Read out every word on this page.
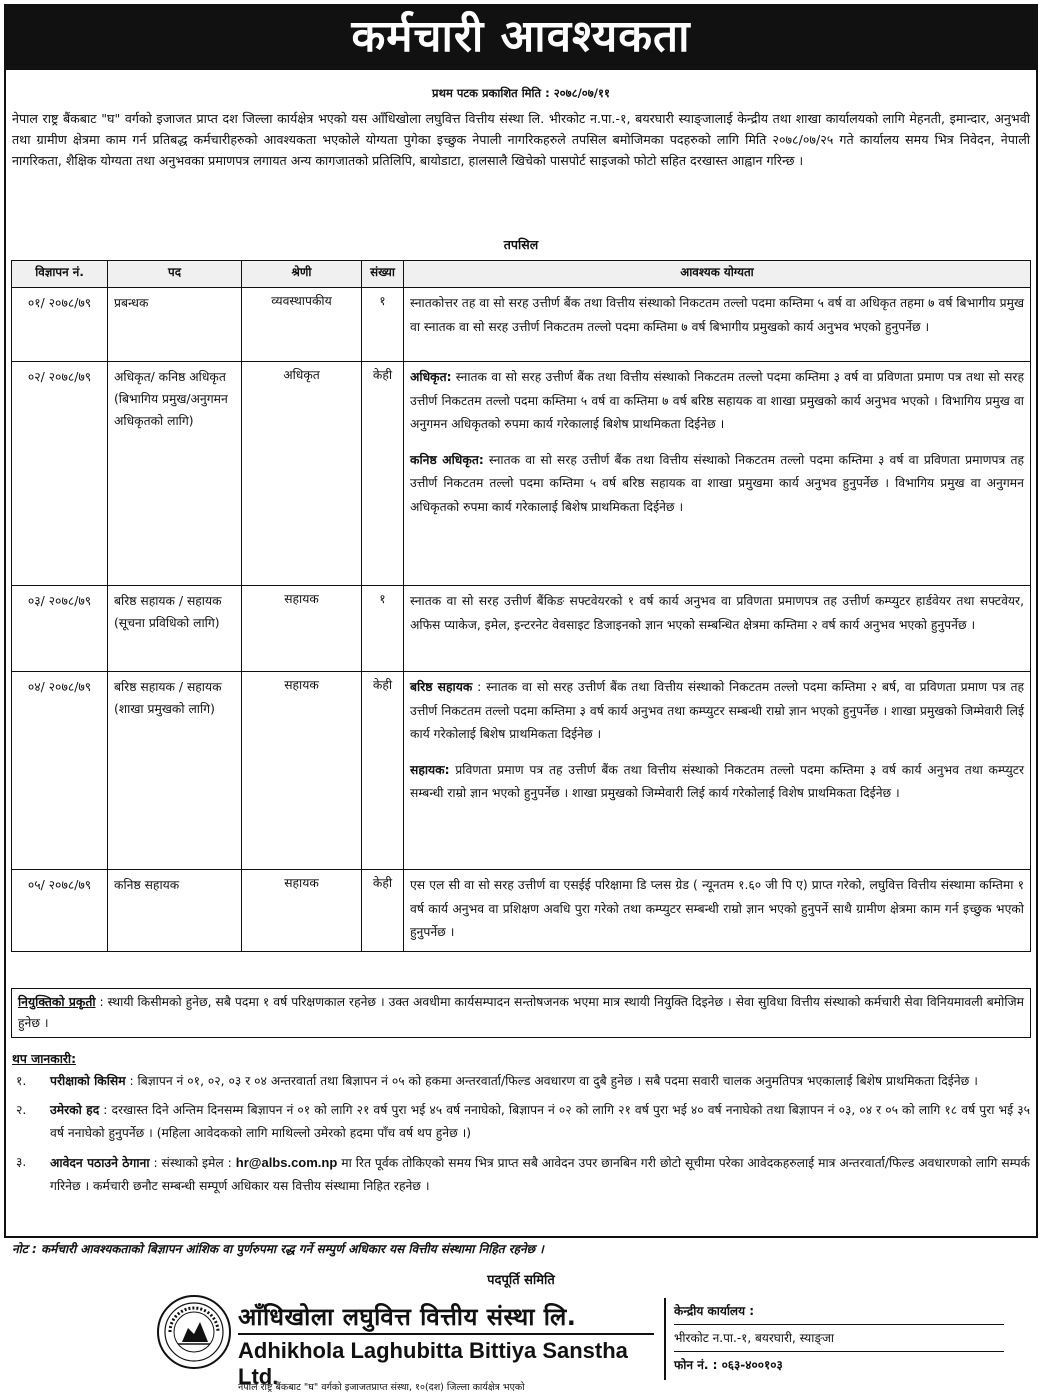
कर्मचारी आवश्यकता
प्रथम पटक प्रकाशित मिति : २०७८/०७/११
नेपाल राष्ट्र बैंकबाट "घ" वर्गको इजाजत प्राप्त दश जिल्ला कार्यक्षेत्र भएको यस आँधिखोला लघुवित्त वित्तीय संस्था लि. भीरकोट न.पा.-१, बयरघारी स्याङ्जालाई केन्द्रीय तथा शाखा कार्यालयको लागि मेहनती, इमान्दार, अनुभवी तथा ग्रामीण क्षेत्रमा काम गर्न प्रतिबद्ध कर्मचारीहरुको आवश्यकता भएकोले योग्यता पुगेका इच्छुक नेपाली नागरिकहरुले तपसिल बमोजिमका पदहरुको लागि मिति २०७८/०७/२५ गते कार्यालय समय भित्र निवेदन, नेपाली नागरिकता, शैक्षिक योग्यता तथा अनुभवका प्रमाणपत्र लगायत अन्य कागजातको प्रतिलिपि, बायोडाटा, हालसालै खिचेको पासपोर्ट साइजको फोटो सहित दरखास्त आह्वान गरिन्छ ।
तपसिल
विज्ञापन नं.	पद	श्रेणी	संख्या	आवश्यक योग्यता
०१/ २०७८/७९	प्रबन्धक	व्यवस्थापकीय	१	स्नातकोत्तर तह वा सो सरह उत्तीर्ण बैंक तथा वित्तीय संस्थाको निकटतम तल्लो पदमा कम्तिमा ५ वर्ष वा अधिकृत तहमा ७ वर्ष बिभागीय प्रमुख वा स्नातक वा सो सरह उत्तीर्ण निकटतम तल्लो पदमा कम्तिमा ७ वर्ष बिभागीय प्रमुखको कार्य अनुभव भएको हुनुपर्नेछ ।
०२/ २०७८/७९	अधिकृत/ कनिष्ठ अधिकृत (बिभागिय प्रमुख/अनुगमन अधिकृतको लागि)	अधिकृत	केही	अधिकृत: स्नातक वा सो सरह उत्तीर्ण बैंक तथा वित्तीय संस्थाको निकटतम तल्लो पदमा कम्तिमा ३ वर्ष वा प्रविणता प्रमाण पत्र तथा सो सरह उत्तीर्ण निकटतम तल्लो पदमा कम्तिमा ५ वर्ष वा कम्तिमा ७ वर्ष बरिष्ठ सहायक वा शाखा प्रमुखको कार्य अनुभव भएको । विभागिय प्रमुख वा अनुगमन अधिकृतको रुपमा कार्य गरेकालाई बिशेष प्राथमिकता दिईनेछ ।
कनिष्ठ अधिकृत: स्नातक वा सो सरह उत्तीर्ण बैंक तथा वित्तीय संस्थाको निकटतम तल्लो पदमा कम्तिमा ३ वर्ष वा प्रविणता प्रमाणपत्र तह उत्तीर्ण निकटतम तल्लो पदमा कम्तिमा ५ वर्ष बरिष्ठ सहायक वा शाखा प्रमुखमा कार्य अनुभव हुनुपर्नेछ । विभागिय प्रमुख वा अनुगमन अधिकृतको रुपमा कार्य गरेकालाई बिशेष प्राथमिकता दिईनेछ ।

०३/ २०७८/७९	बरिष्ठ सहायक / सहायक (सूचना प्रविधिको लागि)	सहायक	१	स्नातक वा सो सरह उत्तीर्ण बैंकिङ सफ्टवेयरको १ वर्ष कार्य अनुभव वा प्रविणता प्रमाणपत्र तह उत्तीर्ण कम्प्युटर हार्डवेयर तथा सफ्टवेयर, अफिस प्याकेज, इमेल, इन्टरनेट वेवसाइट डिजाइनको ज्ञान भएको सम्बन्धित क्षेत्रमा कम्तिमा २ वर्ष कार्य अनुभव भएको हुनुपर्नेछ ।
०४/ २०७८/७९	बरिष्ठ सहायक / सहायक (शाखा प्रमुखको लागि)	सहायक	केही	बरिष्ठ सहायक : स्नातक वा सो सरह उत्तीर्ण बैंक तथा वित्तीय संस्थाको निकटतम तल्लो पदमा कम्तिमा २ बर्ष, वा प्रविणता प्रमाण पत्र तह उत्तीर्ण निकटतम तल्लो पदमा कम्तिमा ३ वर्ष कार्य अनुभव तथा कम्प्युटर सम्बन्धी राम्रो ज्ञान भएको हुनुपर्नेछ । शाखा प्रमुखको जिम्मेवारी लिई कार्य गरेकोलाई बिशेष प्राथमिकता दिईनेछ ।
सहायक: प्रविणता प्रमाण पत्र तह उत्तीर्ण बैंक तथा वित्तीय संस्थाको निकटतम तल्लो पदमा कम्तिमा ३ वर्ष कार्य अनुभव तथा कम्प्युटर सम्बन्धी राम्रो ज्ञान भएको हुनुपर्नेछ । शाखा प्रमुखको जिम्मेवारी लिई कार्य गरेकोलाई विशेष प्राथमिकता दिईनेछ ।

०५/ २०७८/७९	कनिष्ठ सहायक	सहायक	केही	एस एल सी वा सो सरह उत्तीर्ण वा एसईई परिक्षामा डि प्लस ग्रेड ( न्यूनतम १.६० जी पि ए) प्राप्त गरेको, लघुवित्त वित्तीय संस्थामा कम्तिमा १ वर्ष कार्य अनुभव वा प्रशिक्षण अवधि पुरा गरेको तथा कम्प्युटर सम्बन्धी राम्रो ज्ञान भएको हुनुपर्ने साथै ग्रामीण क्षेत्रमा काम गर्न इच्छुक भएको हुनुपर्नेछ ।
नियुक्तिको प्रकृती : स्थायी किसीमको हुनेछ, सबै पदमा १ वर्ष परिक्षणकाल रहनेछ । उक्त अवधीमा कार्यसम्पादन सन्तोषजनक भएमा मात्र स्थायी नियुक्ति दिइनेछ । सेवा सुविधा वित्तीय संस्थाको कर्मचारी सेवा विनियमावली बमोजिम हुनेछ ।
थप जानकारी:
१. परीक्षाको किसिम : बिज्ञापन नं ०१, ०२, ०३ र ०४ अन्तरवार्ता तथा बिज्ञापन नं ०५ को हकमा अन्तरवार्ता/फिल्ड अवधारण वा दुबै हुनेछ । सबै पदमा सवारी चालक अनुमतिपत्र भएकालाई बिशेष प्राथमिकता दिईनेछ ।
२. उमेरको हद : दरखास्त दिने अन्तिम दिनसम्म बिज्ञापन नं ०१ को लागि २१ वर्ष पुरा भई ४५ वर्ष ननाघेको, बिज्ञापन नं ०२ को लागि २१ वर्ष पुरा भई ४० वर्ष ननाघेको तथा बिज्ञापन नं ०३, ०४ र ०५ को लागि १८ वर्ष पुरा भई ३५ वर्ष ननाघेको हुनुपर्नेछ । (महिला आवेदकको लागि माथिल्लो उमेरको हदमा पाँच वर्ष थप हुनेछ ।)
३. आवेदन पठाउने ठेगाना : संस्थाको इमेल : hr@albs.com.np मा रित पूर्वक तोकिएको समय भित्र प्राप्त सबै आवेदन उपर छानबिन गरी छोटो सूचीमा परेका आवेदकहरुलाई मात्र अन्तरवार्ता/फिल्ड अवधारणको लागि सम्पर्क गरिनेछ । कर्मचारी छनौट सम्बन्धी सम्पूर्ण अधिकार यस वित्तीय संस्थामा निहित रहनेछ ।
नोट : कर्मचारी आवश्यकताको बिज्ञापन आंशिक वा पुर्णरुपमा रद्ध गर्ने सम्पुर्ण अधिकार यस वित्तीय संस्थामा निहित रहनेछ ।
पदपूर्ति समिति
आँधिखोला लघुवित्त वित्तीय संस्था लि.
Adhikhola Laghubitta Bittiya Sanstha Ltd.
केन्द्रीय कार्यालय :
भीरकोट न.पा.-१, बयरघारी, स्याङ्जा
फोन नं. : ०६३-४००१०३
नेपाल राष्ट्र बैंकबाट "घ" वर्गको इजाजतप्राप्त संस्था, १०(दश) जिल्ला कार्यक्षेत्र भएको
